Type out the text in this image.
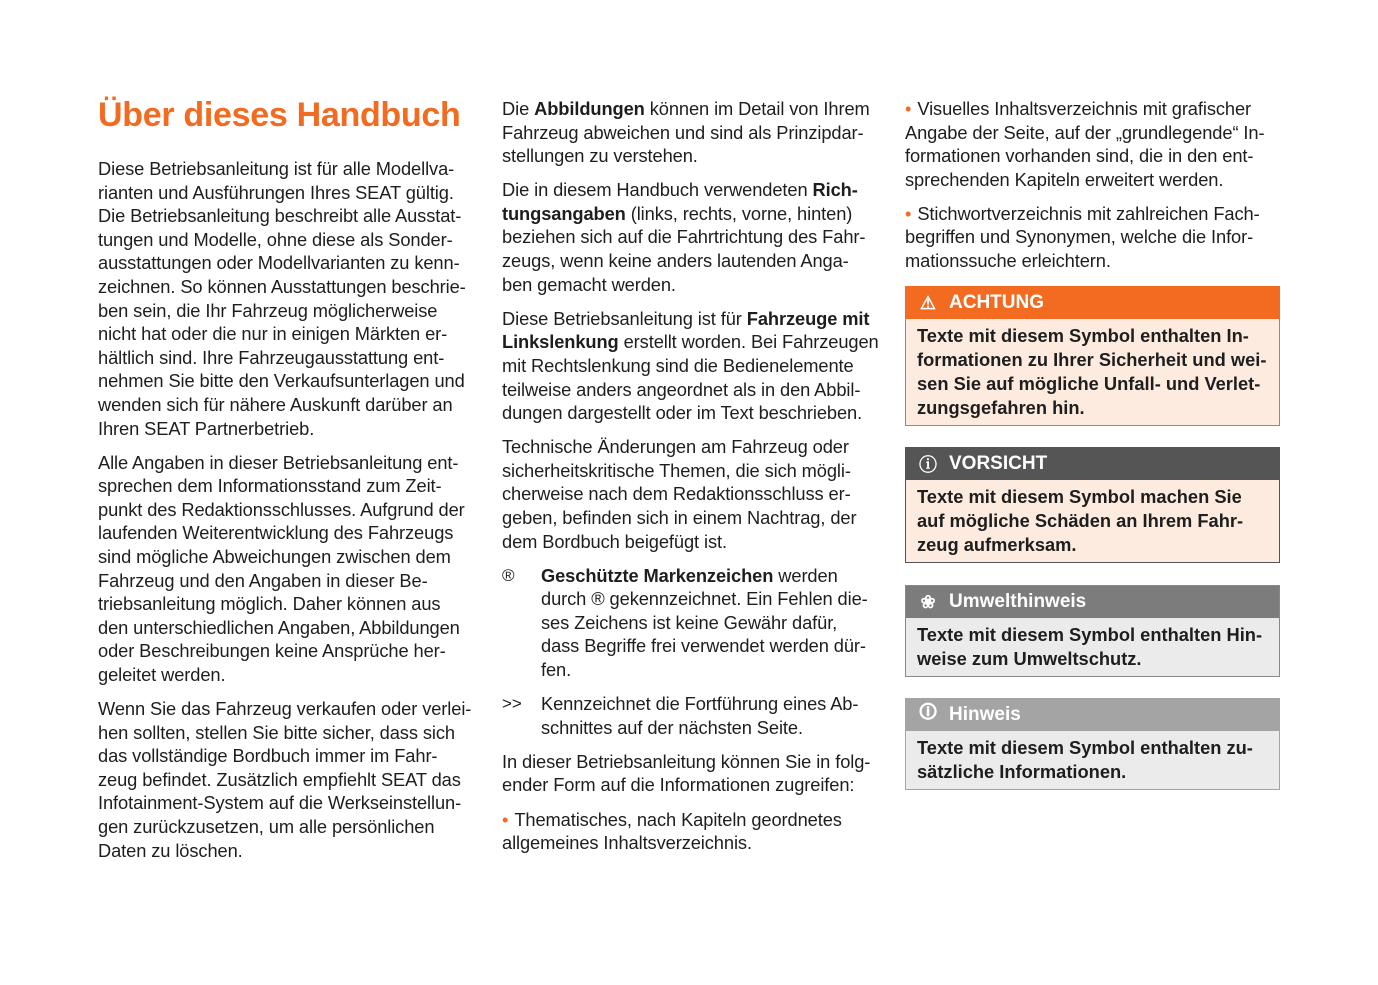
Über dieses Handbuch
Diese Betriebsanleitung ist für alle Modellva-
rianten und Ausführungen Ihres SEAT gültig.
Die Betriebsanleitung beschreibt alle Ausstat-
tungen und Modelle, ohne diese als Sonder-
ausstattungen oder Modellvarianten zu kenn-
zeichnen. So können Ausstattungen beschrie-
ben sein, die Ihr Fahrzeug möglicherweise
nicht hat oder die nur in einigen Märkten er-
hältlich sind. Ihre Fahrzeugausstattung ent-
nehmen Sie bitte den Verkaufsunterlagen und
wenden sich für nähere Auskunft darüber an
Ihren SEAT Partnerbetrieb.
Alle Angaben in dieser Betriebsanleitung ent-
sprechen dem Informationsstand zum Zeit-
punkt des Redaktionsschlusses. Aufgrund der
laufenden Weiterentwicklung des Fahrzeugs
sind mögliche Abweichungen zwischen dem
Fahrzeug und den Angaben in dieser Be-
triebsanleitung möglich. Daher können aus
den unterschiedlichen Angaben, Abbildungen
oder Beschreibungen keine Ansprüche her-
geleitet werden.
Wenn Sie das Fahrzeug verkaufen oder verlei-
hen sollten, stellen Sie bitte sicher, dass sich
das vollständige Bordbuch immer im Fahr-
zeug befindet. Zusätzlich empfiehlt SEAT das
Infotainment-System auf die Werkseinstellun-
gen zurückzusetzen, um alle persönlichen
Daten zu löschen.
Die Abbildungen können im Detail von Ihrem
Fahrzeug abweichen und sind als Prinzipdar-
stellungen zu verstehen.
Die in diesem Handbuch verwendeten Rich-
tungsangaben (links, rechts, vorne, hinten)
beziehen sich auf die Fahrtrichtung des Fahr-
zeugs, wenn keine anders lautenden Anga-
ben gemacht werden.
Diese Betriebsanleitung ist für Fahrzeuge mit
Linkslenkung erstellt worden. Bei Fahrzeugen
mit Rechtslenkung sind die Bedienelemente
teilweise anders angeordnet als in den Abbil-
dungen dargestellt oder im Text beschrieben.
Technische Änderungen am Fahrzeug oder
sicherheitskritische Themen, die sich mögli-
cherweise nach dem Redaktionsschluss er-
geben, befinden sich in einem Nachtrag, der
dem Bordbuch beigefügt ist.
® Geschützte Markenzeichen werden
durch ® gekennzeichnet. Ein Fehlen die-
ses Zeichens ist keine Gewähr dafür,
dass Begriffe frei verwendet werden dür-
fen.
>> Kennzeichnet die Fortführung eines Ab-
schnittes auf der nächsten Seite.
In dieser Betriebsanleitung können Sie in folg-
ender Form auf die Informationen zugreifen:
• Thematisches, nach Kapiteln geordnetes
allgemeines Inhaltsverzeichnis.
• Visuelles Inhaltsverzeichnis mit grafischer
Angabe der Seite, auf der „grundlegende“ In-
formationen vorhanden sind, die in den ent-
sprechenden Kapiteln erweitert werden.
• Stichwortverzeichnis mit zahlreichen Fach-
begriffen und Synonymen, welche die Infor-
mationssuche erleichtern.
⚠ ACHTUNG
Texte mit diesem Symbol enthalten In-
formationen zu Ihrer Sicherheit und wei-
sen Sie auf mögliche Unfall- und Verlet-
zungsgefahren hin.
ⓘ VORSICHT
Texte mit diesem Symbol machen Sie
auf mögliche Schäden an Ihrem Fahr-
zeug aufmerksam.
❀ Umwelthinweis
Texte mit diesem Symbol enthalten Hin-
weise zum Umweltschutz.
🛈 Hinweis
Texte mit diesem Symbol enthalten zu-
sätzliche Informationen.
